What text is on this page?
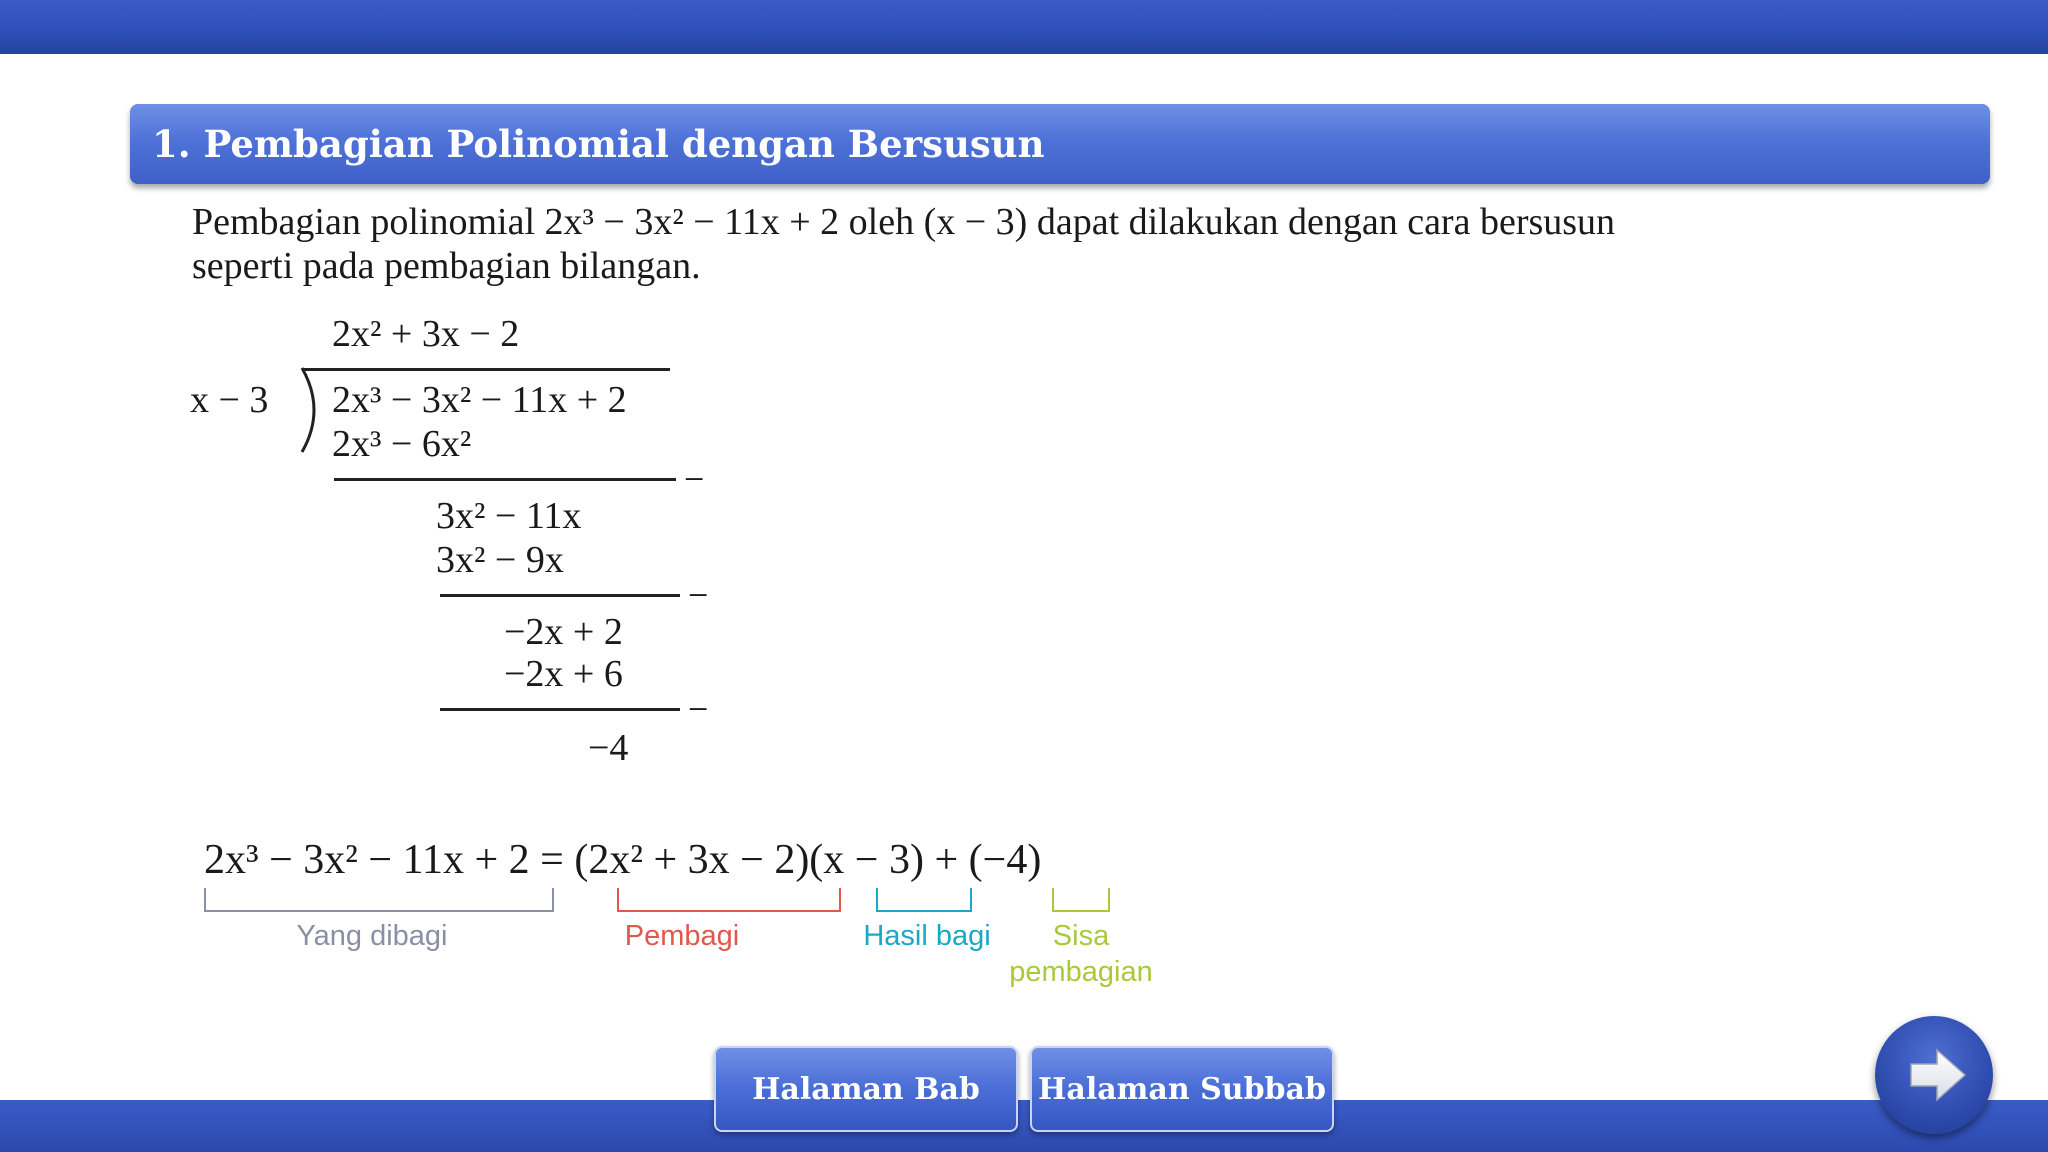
1. Pembagian Polinomial dengan Bersusun
Pembagian polinomial 2x³ − 3x² − 11x + 2 oleh (x − 3) dapat dilakukan dengan cara bersusun
seperti pada pembagian bilangan.
2x² + 3x − 2
x − 3 2x³ − 3x² − 11x + 2
2x³ − 6x²
−
3x² − 11x
3x² − 9x
−
−2x + 2
−2x + 6
−
−4
2x³ − 3x² − 11x + 2 = (2x² + 3x − 2)(x − 3) + (−4)
Yang dibagi	Pembagi	Hasil bagi	Sisa
pembagian
Halaman Bab	Halaman Subbab
